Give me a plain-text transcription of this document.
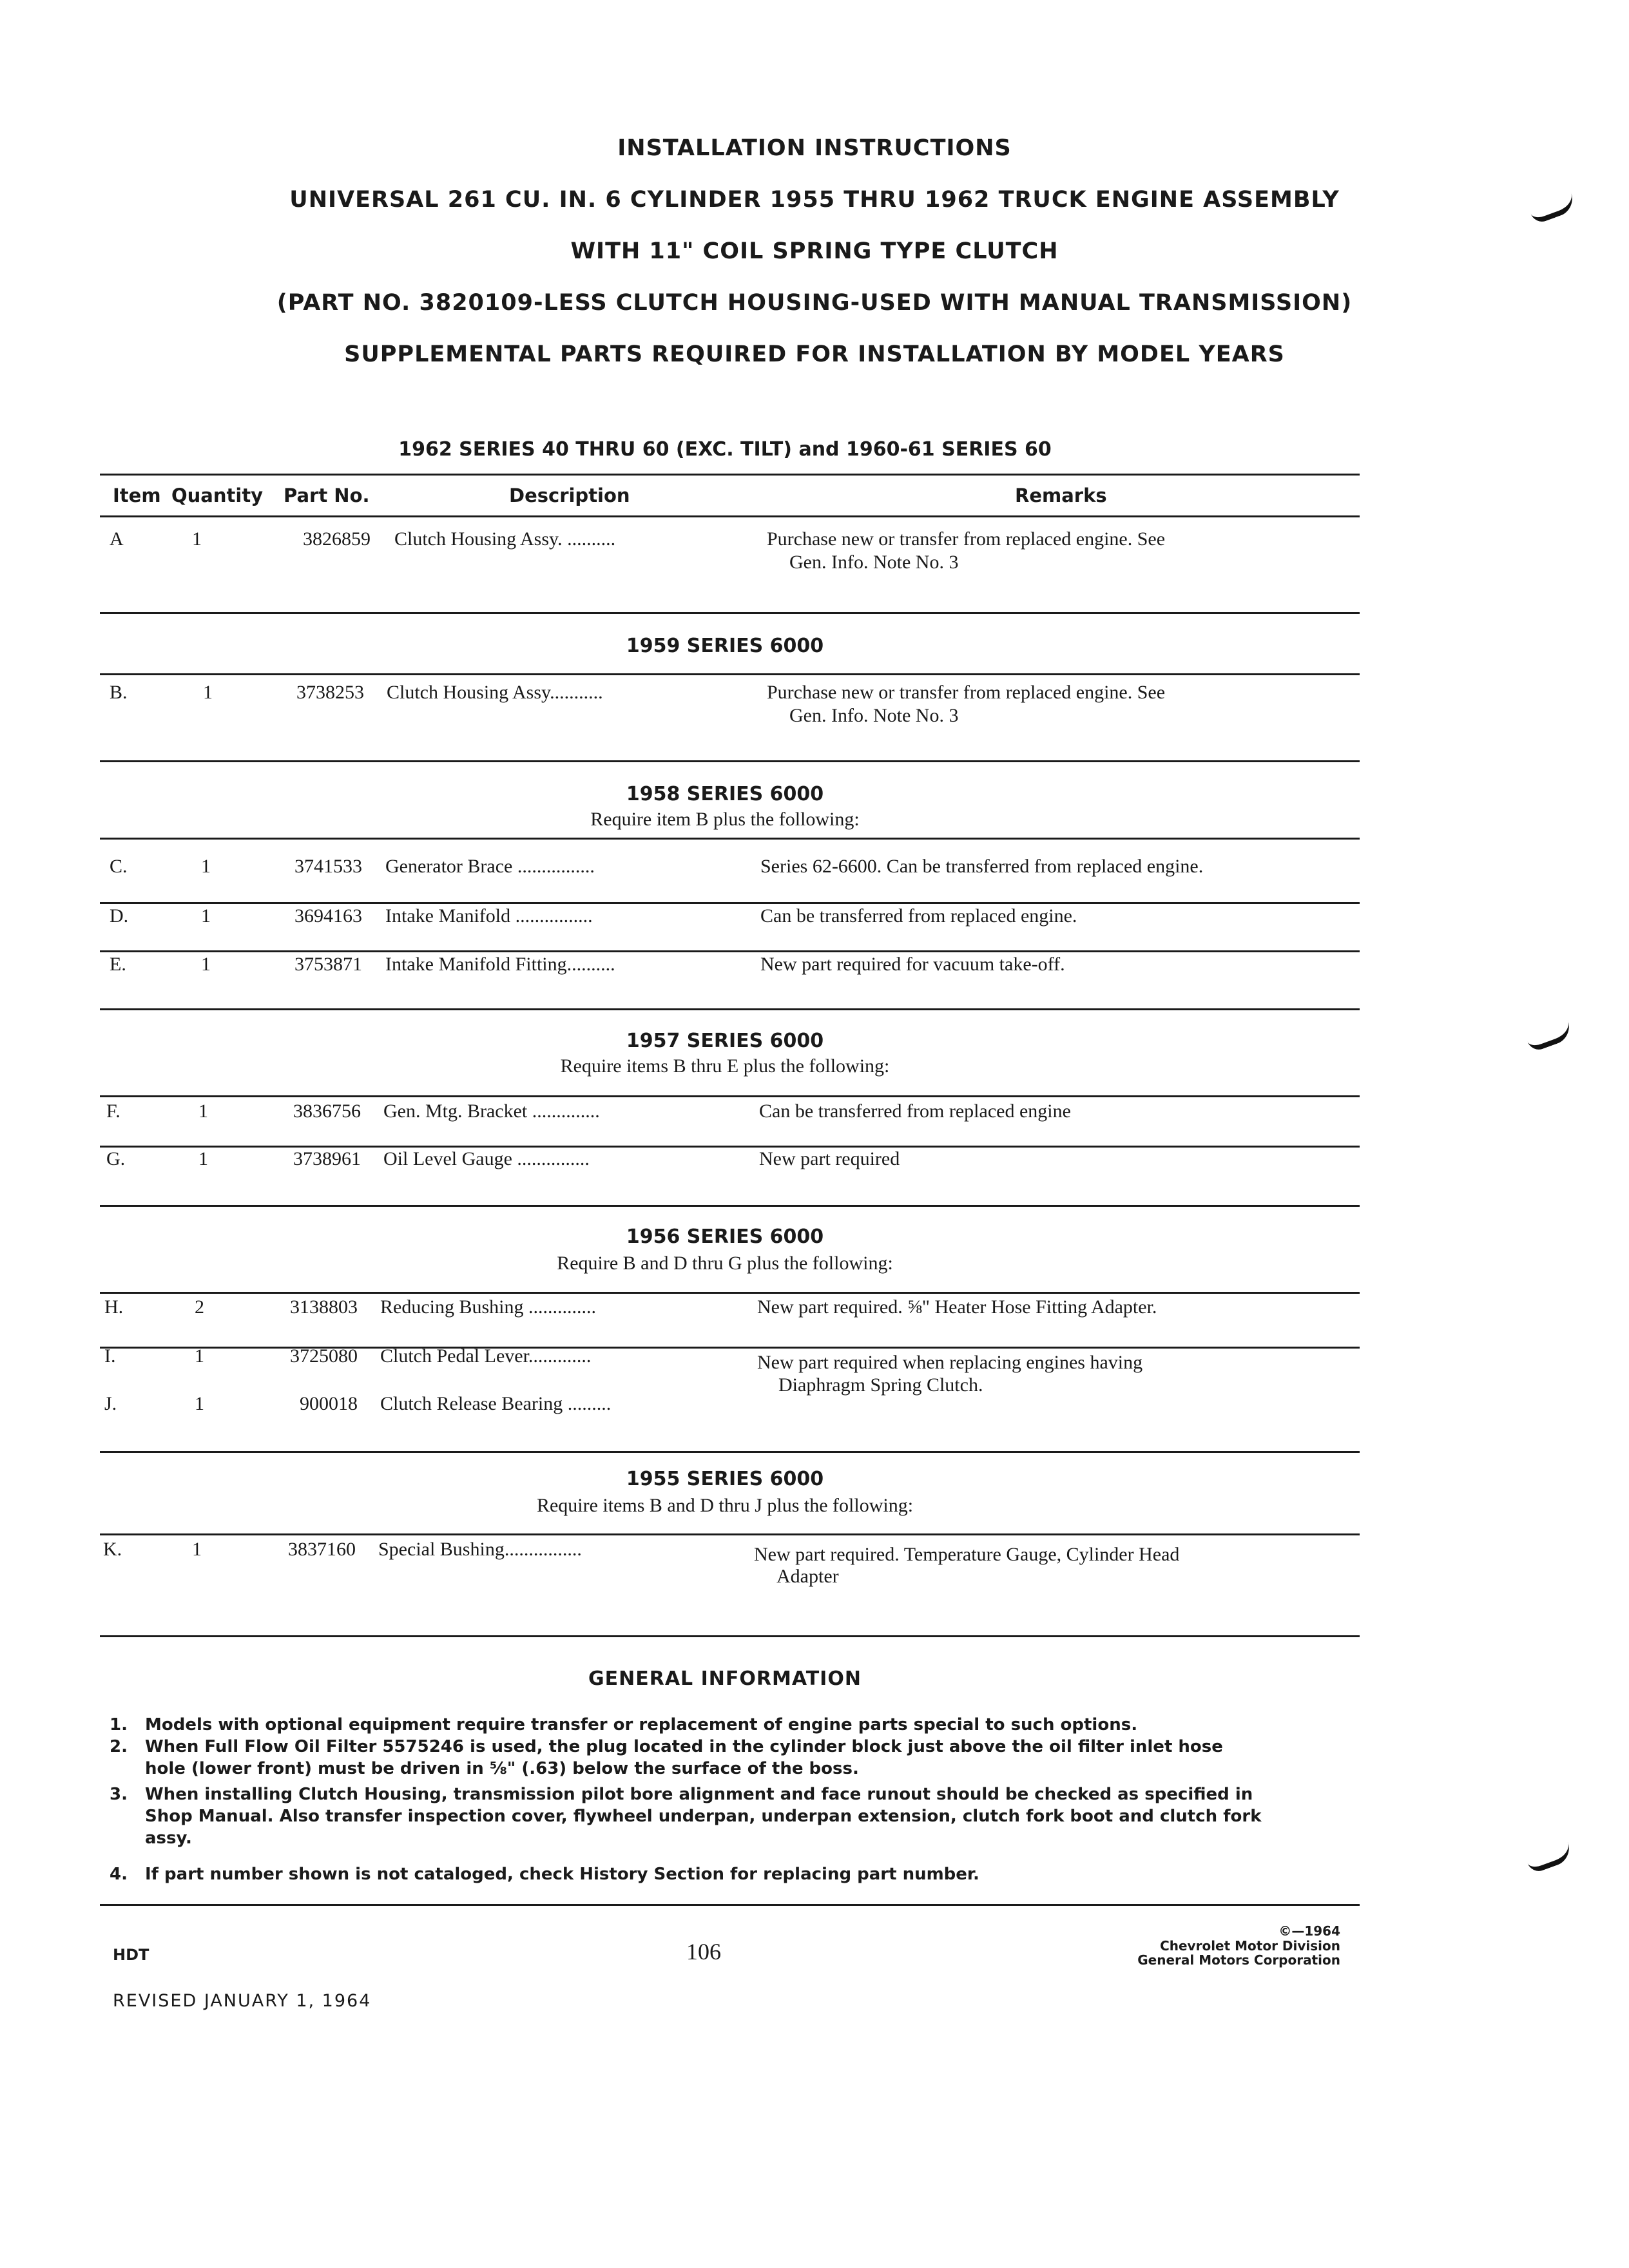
INSTALLATION INSTRUCTIONS
UNIVERSAL 261 CU. IN. 6 CYLINDER 1955 THRU 1962 TRUCK ENGINE ASSEMBLY
WITH 11" COIL SPRING TYPE CLUTCH
(PART NO. 3820109-LESS CLUTCH HOUSING-USED WITH MANUAL TRANSMISSION)
SUPPLEMENTAL PARTS REQUIRED FOR INSTALLATION BY MODEL YEARS
1962 SERIES 40 THRU 60 (EXC. TILT) and 1960-61 SERIES 60
Item Quantity Part No.	Description	Remarks
A	1	3826859 Clutch Housing Assy. ..........	Purchase new or transfer from replaced engine. See
Gen. Info. Note No. 3
1959 SERIES 6000
B.	1	3738253 Clutch Housing Assy...........	Purchase new or transfer from replaced engine. See
Gen. Info. Note No. 3
1958 SERIES 6000
Require item B plus the following:
C.	1	3741533 Generator Brace ................	Series 62-6600. Can be transferred from replaced engine.
D.	1	3694163 Intake Manifold ................	Can be transferred from replaced engine.
E.	1	3753871 Intake Manifold Fitting..........	New part required for vacuum take-off.
1957 SERIES 6000
Require items B thru E plus the following:
F.	1	3836756 Gen. Mtg. Bracket ..............	Can be transferred from replaced engine
G.	1	3738961 Oil Level Gauge ...............	New part required
1956 SERIES 6000
Require B and D thru G plus the following:
H.	2	3138803 Reducing Bushing ..............	New part required. ⅝" Heater Hose Fitting Adapter.
I.	1	3725080 Clutch Pedal Lever.............	New part required when replacing engines having
Diaphragm Spring Clutch.
J.	1	900018 Clutch Release Bearing .........
1955 SERIES 6000
Require items B and D thru J plus the following:
K.	1	3837160 Special Bushing................	New part required. Temperature Gauge, Cylinder Head
Adapter
GENERAL INFORMATION
1. Models with optional equipment require transfer or replacement of engine parts special to such options.
2. When Full Flow Oil Filter 5575246 is used, the plug located in the cylinder block just above the oil filter inlet hose hole (lower front) must be driven in ⅝" (.63) below the surface of the boss.
3. When installing Clutch Housing, transmission pilot bore alignment and face runout should be checked as specified in Shop Manual. Also transfer inspection cover, flywheel underpan, underpan extension, clutch fork boot and clutch fork assy.
4. If part number shown is not cataloged, check History Section for replacing part number.
HDT	106
©—1964
Chevrolet Motor Division
General Motors Corporation
REVISED JANUARY 1, 1964
